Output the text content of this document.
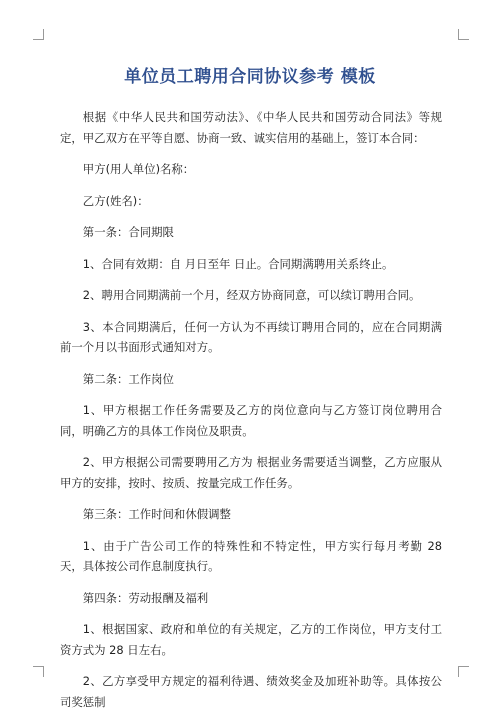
单位员工聘用合同协议参考 模板

根据《中华人民共和国劳动法》、《中华人民共和国劳动合同法》等规定，甲乙双方在平等自愿、协商一致、诚实信用的基础上，签订本合同：

甲方(用人单位)名称：

乙方(姓名)：

第一条：合同期限

1、合同有效期：自 月日至年 日止。合同期满聘用关系终止。

2、聘用合同期满前一个月，经双方协商同意，可以续订聘用合同。

3、本合同期满后，任何一方认为不再续订聘用合同的，应在合同期满前一个月以书面形式通知对方。

第二条：工作岗位

1、甲方根据工作任务需要及乙方的岗位意向与乙方签订岗位聘用合同，明确乙方的具体工作岗位及职责。

2、甲方根据公司需要聘用乙方为 根据业务需要适当调整，乙方应服从甲方的安排，按时、按质、按量完成工作任务。

第三条：工作时间和休假调整

1、由于广告公司工作的特殊性和不特定性，甲方实行每月考勤 28 天，具体按公司作息制度执行。

第四条：劳动报酬及福利

1、根据国家、政府和单位的有关规定，乙方的工作岗位，甲方支付工资方式为 28 日左右。

2、乙方享受甲方规定的福利待遇、绩效奖金及加班补助等。具体按公司奖惩制
